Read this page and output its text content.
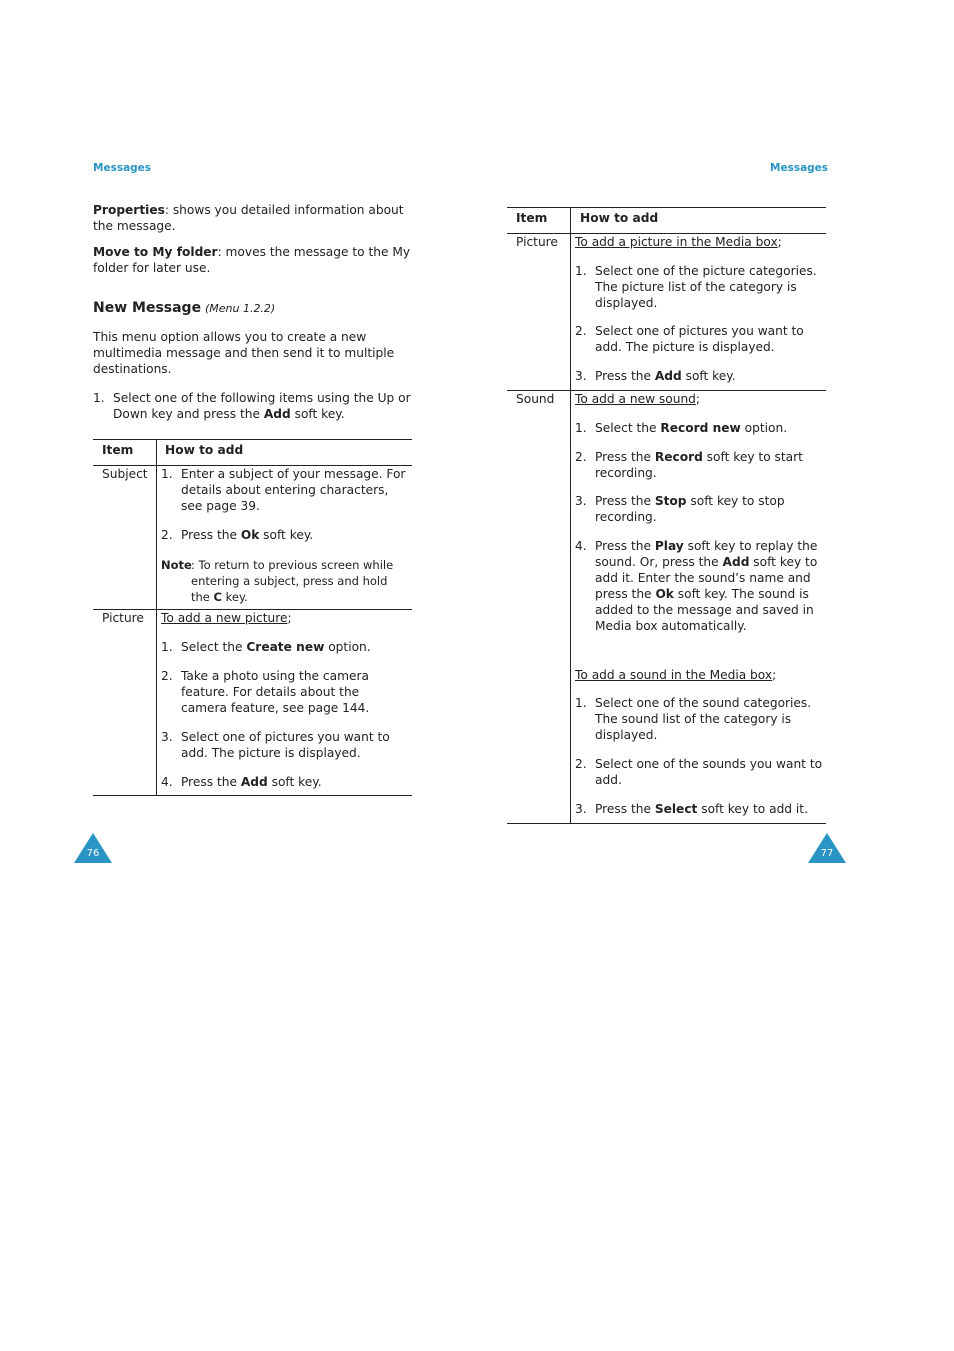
Messages

Properties: shows you detailed information about the message.

Move to My folder: moves the message to the My folder for later use.

New Message (Menu 1.2.2)

This menu option allows you to create a new multimedia message and then send it to multiple destinations.

1. Select one of the following items using the Up or Down key and press the Add soft key.
Item	How to add
Subject 1. Enter a subject of your message. For details about entering characters, see page 39.
2. Press the Ok soft key.
Note : To return to previous screen while entering a subject, press and hold the C key.
Picture To add a new picture;
1. Select the Create new option.
2. Take a photo using the camera feature. For details about the camera feature, see page 144.
3. Select one of pictures you want to add. The picture is displayed.
4. Press the Add soft key.
76
Messages
Item	How to add
Picture To add a picture in the Media box;
1. Select one of the picture categories. The picture list of the category is displayed.
2. Select one of pictures you want to add. The picture is displayed.
3. Press the Add soft key.
Sound To add a new sound;
1. Select the Record new option.
2. Press the Record soft key to start recording.
3. Press the Stop soft key to stop recording.
4. Press the Play soft key to replay the sound. Or, press the Add soft key to add it. Enter the sound’s name and press the Ok soft key. The sound is added to the message and saved in Media box automatically.
To add a sound in the Media box;
1. Select one of the sound categories. The sound list of the category is displayed.
2. Select one of the sounds you want to add.
3. Press the Select soft key to add it.
77
